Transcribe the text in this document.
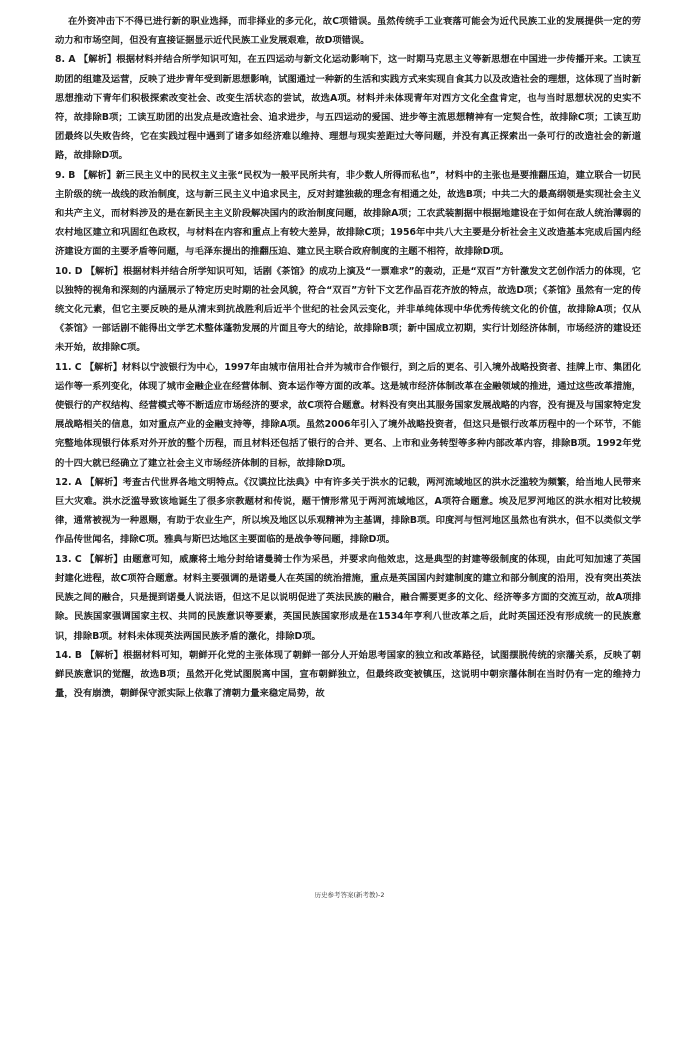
在外资冲击下不得已进行新的职业选择，而非择业的多元化，故C项错误。虽然传统手工业衰落可能会为近代民族工业的发展提供一定的劳动力和市场空间，但没有直接证据显示近代民族工业发展艰难，故D项错误。

8. A 【解析】根据材料并结合所学知识可知，在五四运动与新文化运动影响下，这一时期马克思主义等新思想在中国进一步传播开来。工读互助团的组建及运营，反映了进步青年受到新思想影响，试图通过一种新的生活和实践方式来实现自食其力以及改造社会的理想，这体现了当时新思想推动下青年们积极探索改变社会、改变生活状态的尝试，故选A项。材料并未体现青年对西方文化全盘肯定，也与当时思想状况的史实不符，故排除B项；工读互助团的出发点是改造社会、追求进步，与五四运动的爱国、进步等主流思想精神有一定契合性，故排除C项；工读互助团最终以失败告终，它在实践过程中遇到了诸多如经济难以维持、理想与现实差距过大等问题，并没有真正探索出一条可行的改造社会的新道路，故排除D项。

9. B 【解析】新三民主义中的民权主义主张“民权为一般平民所共有，非少数人所得而私也”，材料中的主张也是要推翻压迫，建立联合一切民主阶级的统一战线的政治制度，这与新三民主义中追求民主，反对封建独裁的理念有相通之处，故选B项；中共二大的最高纲领是实现社会主义和共产主义，而材料涉及的是在新民主主义阶段解决国内的政治制度问题，故排除A项；工农武装割据中根据地建设在于如何在敌人统治薄弱的农村地区建立和巩固红色政权，与材料在内容和重点上有较大差异，故排除C项；1956年中共八大主要是分析社会主义改造基本完成后国内经济建设方面的主要矛盾等问题，与毛泽东提出的推翻压迫、建立民主联合政府制度的主题不相符，故排除D项。

10. D 【解析】根据材料并结合所学知识可知，话剧《茶馆》的成功上演及“一票难求”的轰动，正是“双百”方针激发文艺创作活力的体现，它以独特的视角和深刻的内涵展示了特定历史时期的社会风貌，符合“双百”方针下文艺作品百花齐放的特点，故选D项；《茶馆》虽然有一定的传统文化元素，但它主要反映的是从清末到抗战胜利后近半个世纪的社会风云变化，并非单纯体现中华优秀传统文化的价值，故排除A项；仅从《茶馆》一部话剧不能得出文学艺术整体蓬勃发展的片面且夸大的结论，故排除B项；新中国成立初期，实行计划经济体制，市场经济的建设还未开始，故排除C项。

11. C 【解析】材料以宁波银行为中心，1997年由城市信用社合并为城市合作银行，到之后的更名、引入境外战略投资者、挂牌上市、集团化运作等一系列变化，体现了城市金融企业在经营体制、资本运作等方面的改革。这是城市经济体制改革在金融领域的推进，通过这些改革措施，使银行的产权结构、经营模式等不断适应市场经济的要求，故C项符合题意。材料没有突出其服务国家发展战略的内容，没有提及与国家特定发展战略相关的信息，如对重点产业的金融支持等，排除A项。虽然2006年引入了境外战略投资者，但这只是银行改革历程中的一个环节，不能完整地体现银行体系对外开放的整个历程，而且材料还包括了银行的合并、更名、上市和业务转型等多种内部改革内容，排除B项。1992年党的十四大就已经确立了建立社会主义市场经济体制的目标，故排除D项。

12. A 【解析】考查古代世界各地文明特点。《汉谟拉比法典》中有许多关于洪水的记载，两河流域地区的洪水泛滥较为频繁，给当地人民带来巨大灾难。洪水泛滥导致该地诞生了很多宗教题材和传说，题干情形常见于两河流域地区，A项符合题意。埃及尼罗河地区的洪水相对比较规律，通常被视为一种恩赐，有助于农业生产，所以埃及地区以乐观精神为主基调，排除B项。印度河与恒河地区虽然也有洪水，但不以类似文学作品传世闻名，排除C项。雅典与斯巴达地区主要面临的是战争等问题，排除D项。

13. C 【解析】由题意可知，威廉将土地分封给诸曼骑士作为采邑，并要求向他效忠，这是典型的封建等级制度的体现，由此可知加速了英国封建化进程，故C项符合题意。材料主要强调的是诺曼人在英国的统治措施，重点是英国国内封建制度的建立和部分制度的沿用，没有突出英法民族之间的融合，只是提到诺曼人说法语，但这不足以说明促进了英法民族的融合，融合需要更多的文化、经济等多方面的交流互动，故A项排除。民族国家强调国家主权、共同的民族意识等要素，英国民族国家形成是在1534年亨利八世改革之后，此时英国还没有形成统一的民族意识，排除B项。材料未体现英法两国民族矛盾的激化，排除D项。

14. B 【解析】根据材料可知，朝鲜开化党的主张体现了朝鲜一部分人开始思考国家的独立和改革路径，试图摆脱传统的宗藩关系，反映了朝鲜民族意识的觉醒，故选B项；虽然开化党试图脱离中国，宣布朝鲜独立，但最终政变被镇压，这说明中朝宗藩体制在当时仍有一定的维持力量，没有崩溃，朝鲜保守派实际上依靠了清朝力量来稳定局势，故

历史参考答案(新考教)-2
